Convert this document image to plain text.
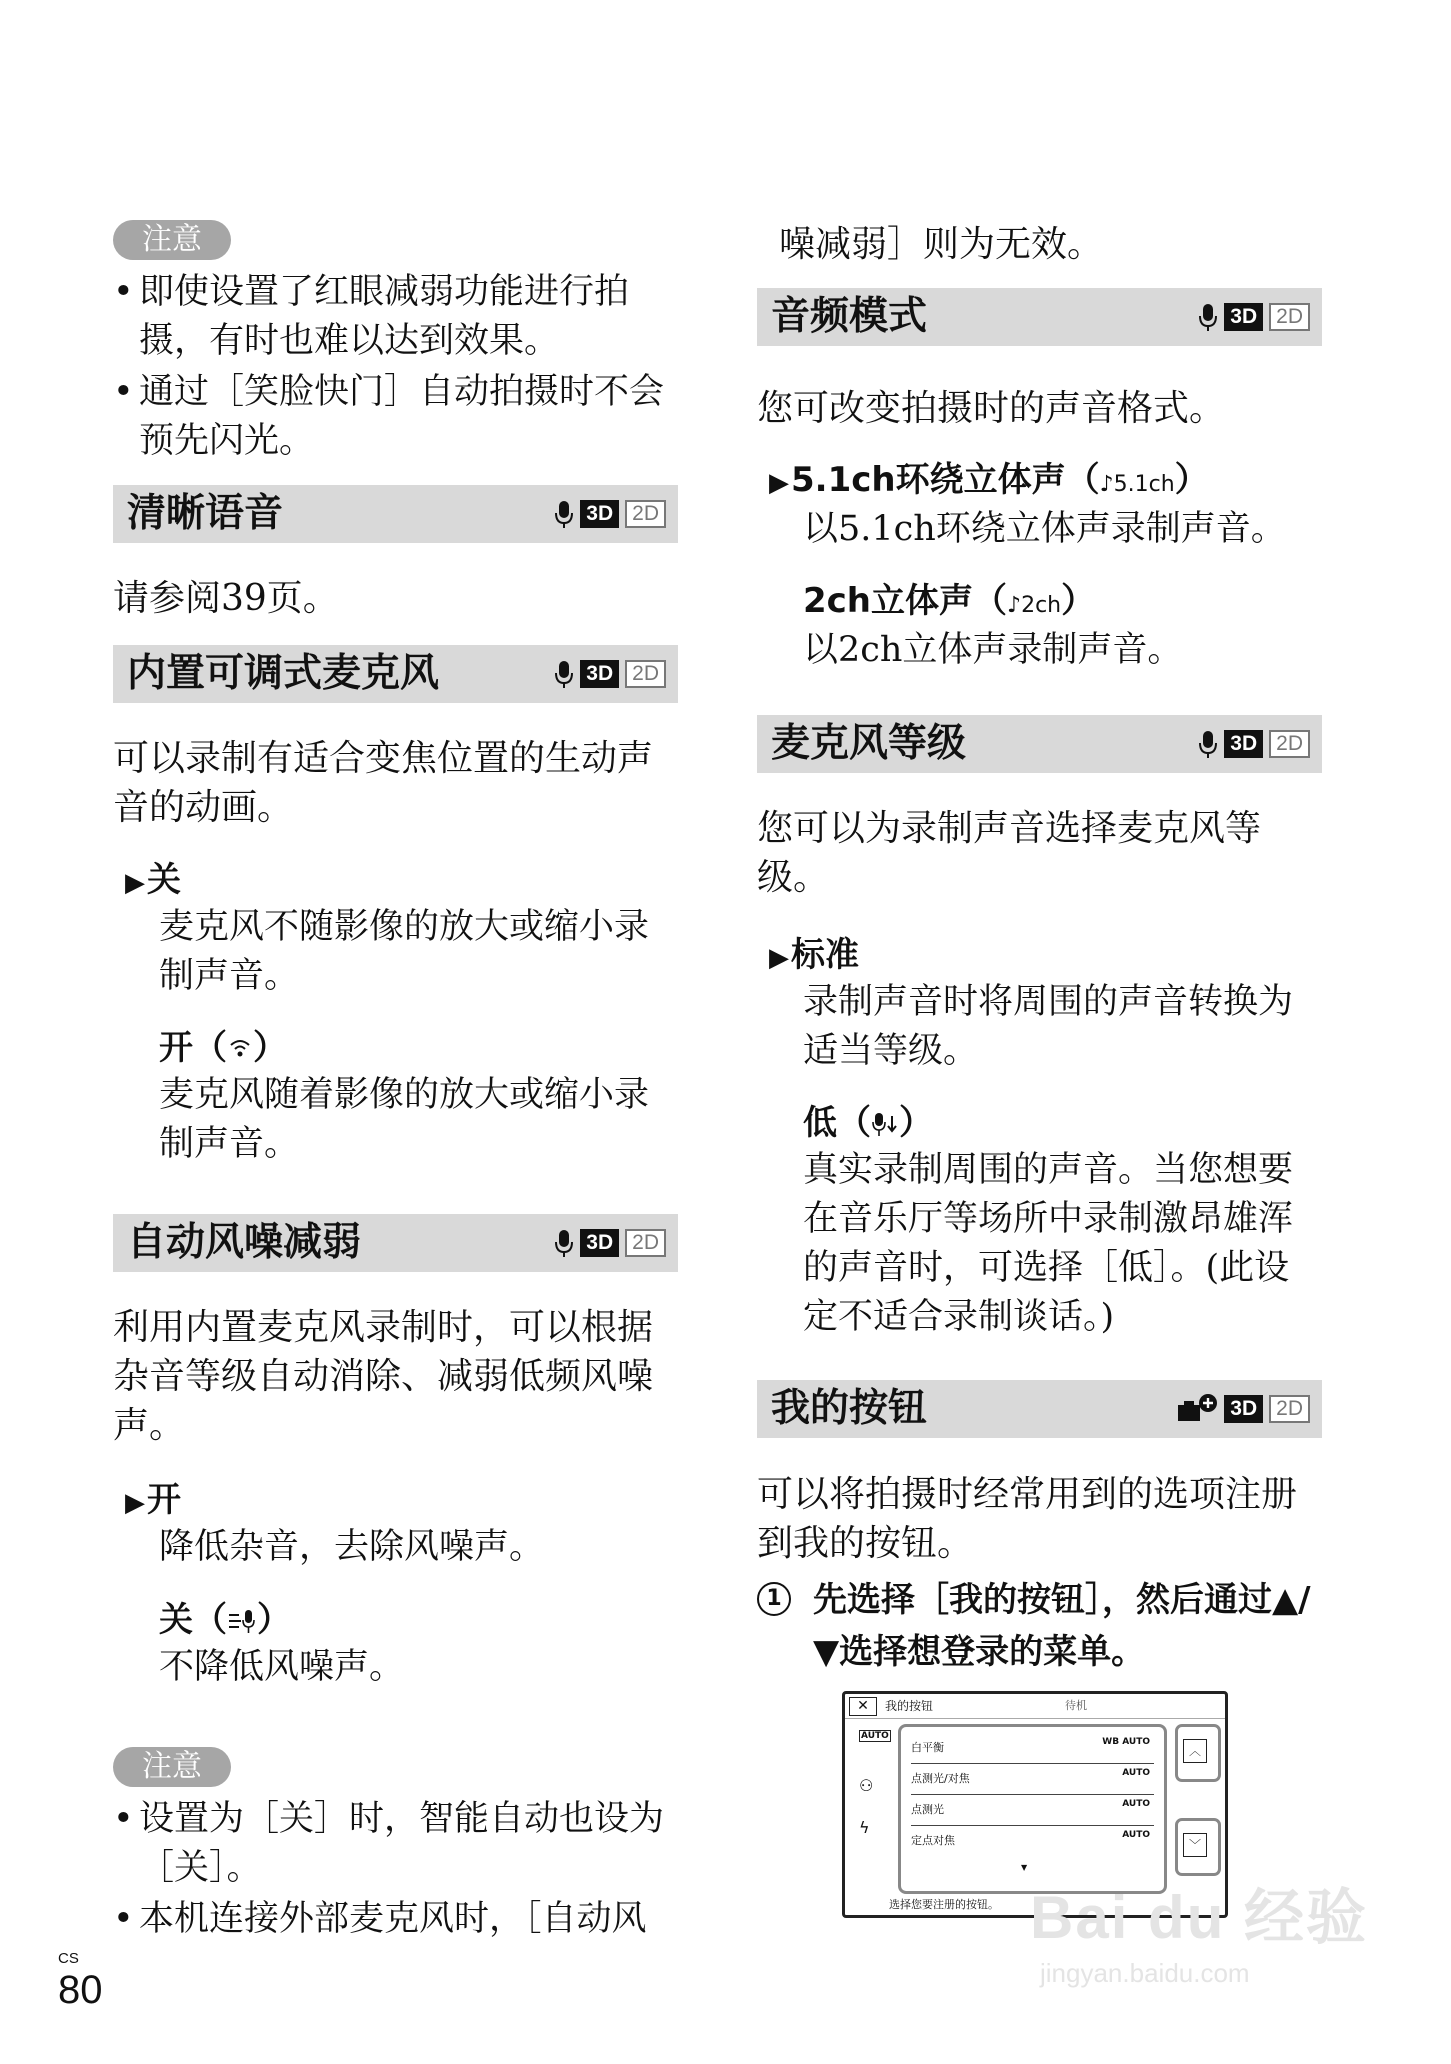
注意
• 即使设置了红眼减弱功能进行拍摄，有时也难以达到效果。
• 通过［笑脸快门］自动拍摄时不会预先闪光。
清晰语音	3D 2D
请参阅39页。
内置可调式麦克风	3D 2D
可以录制有适合变焦位置的生动声音的动画。
▶关
麦克风不随影像的放大或缩小录制声音。
开（ ）
麦克风随着影像的放大或缩小录制声音。
自动风噪减弱	3D 2D
利用内置麦克风录制时，可以根据杂音等级自动消除、减弱低频风噪声。
▶开
降低杂音，去除风噪声。
关（ ）
不降低风噪声。
注意
• 设置为［关］时，智能自动也设为［关］。
• 本机连接外部麦克风时，［自动风
噪减弱］则为无效。
音频模式	3D 2D
您可改变拍摄时的声音格式。
▶5.1ch环绕立体声（♪5.1ch）
以5.1ch环绕立体声录制声音。
2ch立体声（♪2ch）
以2ch立体声录制声音。
麦克风等级	3D 2D
您可以为录制声音选择麦克风等级。
▶标准
录制声音时将周围的声音转换为适当等级。
低（ ）
真实录制周围的声音。当您想要在音乐厅等场所中录制激昂雄浑的声音时，可选择［低］。(此设定不适合录制谈话。)
我的按钮	3D 2D
可以将拍摄时经常用到的选项注册到我的按钮。
1 先选择［我的按钮］，然后通过▲/▼选择想登录的菜单。
✕	我的按钮	待机
AUTO
⚇
ϟ
白平衡	WB AUTO
点测光/对焦	AUTO
点测光	AUTO
定点对焦	AUTO
▼
︿
﹀
选择您要注册的按钮。
CS
80
Bai du 经验
jingyan.baidu.com
